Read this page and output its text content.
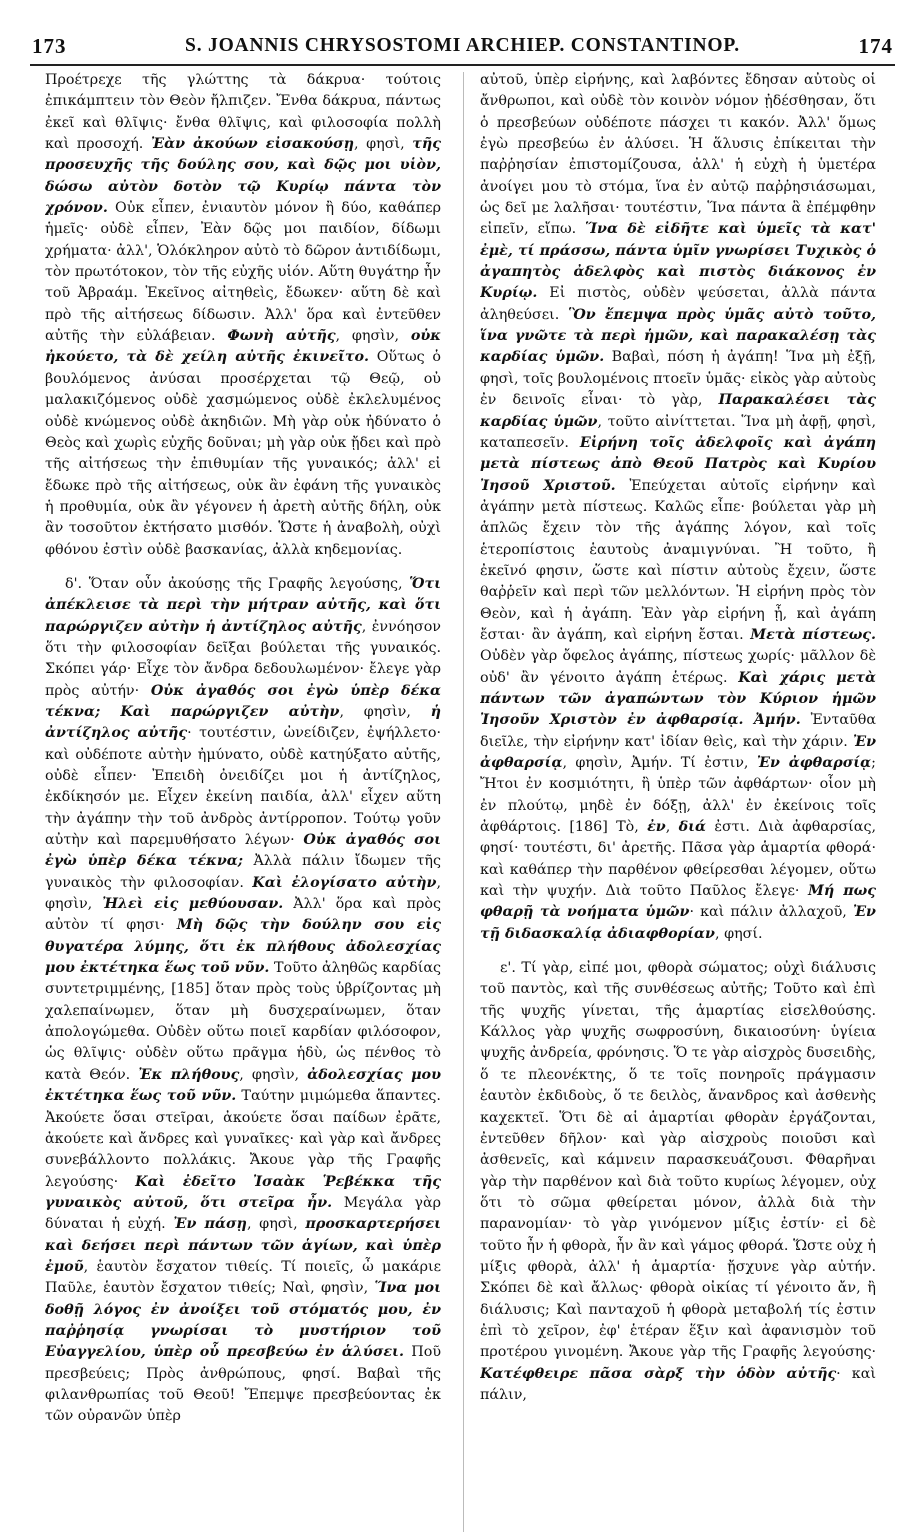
173	S. JOANNIS CHRYSOSTOMI ARCHIEP. CONSTANTINOP.	174

Προέτρεχε τῆς γλώττης τὰ δάκρυα· τούτοις ἐπικάμπτειν τὸν Θεὸν ἤλπιζεν. Ἔνθα δάκρυα, πάντως ἐκεῖ καὶ θλῖψις· ἔνθα θλῖψις, καὶ φιλοσοφία πολλὴ καὶ προσοχή. Ἐὰν ἀκούων εἰσακούσῃ, φησὶ, τῆς προσευχῆς τῆς δούλης σου, καὶ δῷς μοι υἱὸν, δώσω αὐτὸν δοτὸν τῷ Κυρίῳ πάντα τὸν χρόνον. Οὐκ εἶπεν, ἐνιαυτὸν μόνον ἢ δύο, καθάπερ ἡμεῖς· οὐδὲ εἶπεν, Ἐὰν δῷς μοι παιδίον, δίδωμι χρήματα· ἀλλ', Ὁλόκληρον αὐτὸ τὸ δῶρον ἀντιδίδωμι, τὸν πρωτότοκον, τὸν τῆς εὐχῆς υἱόν. Αὕτη θυγάτηρ ἦν τοῦ Ἀβραάμ. Ἐκεῖνος αἰτηθεὶς, ἔδωκεν· αὕτη δὲ καὶ πρὸ τῆς αἰτήσεως δίδωσιν. Ἀλλ' ὅρα καὶ ἐντεῦθεν αὐτῆς τὴν εὐλάβειαν. Φωνὴ αὐτῆς, φησὶν, οὐκ ἠκούετο, τὰ δὲ χείλη αὐτῆς ἐκινεῖτο. Οὕτως ὁ βουλόμενος ἀνύσαι προσέρχεται τῷ Θεῷ, οὐ μαλακιζόμενος οὐδὲ χασμώμενος οὐδὲ ἐκλελυμένος οὐδὲ κνώμενος οὐδὲ ἀκηδιῶν. Μὴ γὰρ οὐκ ἠδύνατο ὁ Θεὸς καὶ χωρὶς εὐχῆς δοῦναι; μὴ γὰρ οὐκ ᾔδει καὶ πρὸ τῆς αἰτήσεως τὴν ἐπιθυμίαν τῆς γυναικός; ἀλλ' εἰ ἔδωκε πρὸ τῆς αἰτήσεως, οὐκ ἂν ἐφάνη τῆς γυναικὸς ἡ προθυμία, οὐκ ἂν γέγονεν ἡ ἀρετὴ αὐτῆς δήλη, οὐκ ἂν τοσοῦτον ἐκτήσατο μισθόν. Ὥστε ἡ ἀναβολὴ, οὐχὶ φθόνου ἐστὶν οὐδὲ βασκανίας, ἀλλὰ κηδεμονίας.

δ'. Ὅταν οὖν ἀκούσῃς τῆς Γραφῆς λεγούσης, Ὅτι ἀπέκλεισε τὰ περὶ τὴν μήτραν αὐτῆς, καὶ ὅτι παρώργιζεν αὐτὴν ἡ ἀντίζηλος αὐτῆς, ἐννόησον ὅτι τὴν φιλοσοφίαν δεῖξαι βούλεται τῆς γυναικός. Σκόπει γάρ· Εἶχε τὸν ἄνδρα δεδουλωμένον· ἔλεγε γὰρ πρὸς αὐτήν· Οὐκ ἀγαθός σοι ἐγὼ ὑπὲρ δέκα τέκνα; Καὶ παρώργιζεν αὐτὴν, φησὶν, ἡ ἀντίζηλος αὐτῆς· τουτέστιν, ὠνείδιζεν, ἐψήλλετο· καὶ οὐδέποτε αὐτὴν ἠμύνατο, οὐδὲ κατηύξατο αὐτῆς, οὐδὲ εἶπεν· Ἐπειδὴ ὀνειδίζει μοι ἡ ἀντίζηλος, ἐκδίκησόν με. Εἶχεν ἐκείνη παιδία, ἀλλ' εἶχεν αὕτη τὴν ἀγάπην τὴν τοῦ ἀνδρὸς ἀντίρροπον. Τούτῳ γοῦν αὐτὴν καὶ παρεμυθήσατο λέγων· Οὐκ ἀγαθός σοι ἐγὼ ὑπὲρ δέκα τέκνα; Ἀλλὰ πάλιν ἴδωμεν τῆς γυναικὸς τὴν φιλοσοφίαν. Καὶ ἐλογίσατο αὐτὴν, φησὶν, Ἠλεὶ εἰς μεθύουσαν. Ἀλλ' ὅρα καὶ πρὸς αὐτὸν τί φησι· Μὴ δῷς τὴν δούλην σου εἰς θυγατέρα λύμης, ὅτι ἐκ πλήθους ἀδολεσχίας μου ἐκτέτηκα ἕως τοῦ νῦν. Τοῦτο ἀληθῶς καρδίας συντετριμμένης, [185] ὅταν πρὸς τοὺς ὑβρίζοντας μὴ χαλεπαίνωμεν, ὅταν μὴ δυσχεραίνωμεν, ὅταν ἀπολογώμεθα. Οὐδὲν οὕτω ποιεῖ καρδίαν φιλόσοφον, ὡς θλῖψις· οὐδὲν οὕτω πρᾶγμα ἡδὺ, ὡς πένθος τὸ κατὰ Θεόν. Ἐκ πλήθους, φησὶν, ἀδολεσχίας μου ἐκτέτηκα ἕως τοῦ νῦν. Ταύτην μιμώμεθα ἅπαντες. Ἀκούετε ὅσαι στεῖραι, ἀκούετε ὅσαι παίδων ἐρᾶτε, ἀκούετε καὶ ἄνδρες καὶ γυναῖκες· καὶ γὰρ καὶ ἄνδρες συνεβάλλοντο πολλάκις. Ἄκουε γὰρ τῆς Γραφῆς λεγούσης· Καὶ ἐδεῖτο Ἰσαὰκ Ῥεβέκκα τῆς γυναικὸς αὐτοῦ, ὅτι στεῖρα ἦν. Μεγάλα γὰρ δύναται ἡ εὐχή. Ἐν πάσῃ, φησὶ, προσκαρτερήσει καὶ δεήσει περὶ πάντων τῶν ἁγίων, καὶ ὑπὲρ ἐμοῦ, ἑαυτὸν ἔσχατον τιθείς. Τί ποιεῖς, ὦ μακάριε Παῦλε, ἑαυτὸν ἔσχατον τιθείς; Ναὶ, φησὶν, Ἵνα μοι δοθῇ λόγος ἐν ἀνοίξει τοῦ στόματός μου, ἐν παῤῥησίᾳ γνωρίσαι τὸ μυστήριον τοῦ Εὐαγγελίου, ὑπὲρ οὗ πρεσβεύω ἐν ἁλύσει. Ποῦ πρεσβεύεις; Πρὸς ἀνθρώπους, φησί. Βαβαὶ τῆς φιλανθρωπίας τοῦ Θεοῦ! Ἔπεμψε πρεσβεύοντας ἐκ τῶν οὐρανῶν ὑπὲρ

αὐτοῦ, ὑπὲρ εἰρήνης, καὶ λαβόντες ἔδησαν αὐτοὺς οἱ ἄνθρωποι, καὶ οὐδὲ τὸν κοινὸν νόμον ᾐδέσθησαν, ὅτι ὁ πρεσβεύων οὐδέποτε πάσχει τι κακόν. Ἀλλ' ὅμως ἐγὼ πρεσβεύω ἐν ἁλύσει. Ἡ ἅλυσις ἐπίκειται τὴν παῤῥησίαν ἐπιστομίζουσα, ἀλλ' ἡ εὐχὴ ἡ ὑμετέρα ἀνοίγει μου τὸ στόμα, ἵνα ἐν αὐτῷ παῤῥησιάσωμαι, ὡς δεῖ με λαλῆσαι· τουτέστιν, Ἵνα πάντα ἃ ἐπέμφθην εἰπεῖν, εἴπω. Ἵνα δὲ εἰδῆτε καὶ ὑμεῖς τὰ κατ' ἐμὲ, τί πράσσω, πάντα ὑμῖν γνωρίσει Τυχικὸς ὁ ἀγαπητὸς ἀδελφὸς καὶ πιστὸς διάκονος ἐν Κυρίῳ. Εἰ πιστὸς, οὐδὲν ψεύσεται, ἀλλὰ πάντα ἀληθεύσει. Ὃν ἔπεμψα πρὸς ὑμᾶς αὐτὸ τοῦτο, ἵνα γνῶτε τὰ περὶ ἡμῶν, καὶ παρακαλέσῃ τὰς καρδίας ὑμῶν. Βαβαὶ, πόση ἡ ἀγάπη! Ἵνα μὴ ἐξῇ, φησὶ, τοῖς βουλομένοις πτοεῖν ὑμᾶς· εἰκὸς γὰρ αὐτοὺς ἐν δεινοῖς εἶναι· τὸ γὰρ, Παρακαλέσει τὰς καρδίας ὑμῶν, τοῦτο αἰνίττεται. Ἵνα μὴ ἀφῇ, φησὶ, καταπεσεῖν. Εἰρήνη τοῖς ἀδελφοῖς καὶ ἀγάπη μετὰ πίστεως ἀπὸ Θεοῦ Πατρὸς καὶ Κυρίου Ἰησοῦ Χριστοῦ. Ἐπεύχεται αὐτοῖς εἰρήνην καὶ ἀγάπην μετὰ πίστεως. Καλῶς εἶπε· βούλεται γὰρ μὴ ἁπλῶς ἔχειν τὸν τῆς ἀγάπης λόγον, καὶ τοῖς ἑτεροπίστοις ἑαυτοὺς ἀναμιγνύναι. Ἢ τοῦτο, ἢ ἐκεῖνό φησιν, ὥστε καὶ πίστιν αὐτοὺς ἔχειν, ὥστε θαῤῥεῖν καὶ περὶ τῶν μελλόντων. Ἡ εἰρήνη πρὸς τὸν Θεὸν, καὶ ἡ ἀγάπη. Ἐὰν γὰρ εἰρήνη ᾖ, καὶ ἀγάπη ἔσται· ἂν ἀγάπη, καὶ εἰρήνη ἔσται. Μετὰ πίστεως. Οὐδὲν γὰρ ὄφελος ἀγάπης, πίστεως χωρίς· μᾶλλον δὲ οὐδ' ἂν γένοιτο ἀγάπη ἑτέρως. Καὶ χάρις μετὰ πάντων τῶν ἀγαπώντων τὸν Κύριον ἡμῶν Ἰησοῦν Χριστὸν ἐν ἀφθαρσίᾳ. Ἀμήν. Ἐνταῦθα διεῖλε, τὴν εἰρήνην κατ' ἰδίαν θεὶς, καὶ τὴν χάριν. Ἐν ἀφθαρσίᾳ, φησὶν, Ἀμήν. Τί ἐστιν, Ἐν ἀφθαρσίᾳ; Ἤτοι ἐν κοσμιότητι, ἢ ὑπὲρ τῶν ἀφθάρτων· οἷον μὴ ἐν πλούτῳ, μηδὲ ἐν δόξῃ, ἀλλ' ἐν ἐκείνοις τοῖς ἀφθάρτοις. [186] Τὸ, ἐν, διά ἐστι. Διὰ ἀφθαρσίας, φησί· τουτέστι, δι' ἀρετῆς. Πᾶσα γὰρ ἁμαρτία φθορά· καὶ καθάπερ τὴν παρθένον φθείρεσθαι λέγομεν, οὕτω καὶ τὴν ψυχήν. Διὰ τοῦτο Παῦλος ἔλεγε· Μή πως φθαρῇ τὰ νοήματα ὑμῶν· καὶ πάλιν ἀλλαχοῦ, Ἐν τῇ διδασκαλίᾳ ἀδιαφθορίαν, φησί.

ε'. Τί γὰρ, εἰπέ μοι, φθορὰ σώματος; οὐχὶ διάλυσις τοῦ παντὸς, καὶ τῆς συνθέσεως αὐτῆς; Τοῦτο καὶ ἐπὶ τῆς ψυχῆς γίνεται, τῆς ἁμαρτίας εἰσελθούσης. Κάλλος γὰρ ψυχῆς σωφροσύνη, δικαιοσύνη· ὑγίεια ψυχῆς ἀνδρεία, φρόνησις. Ὅ τε γὰρ αἰσχρὸς δυσειδὴς, ὅ τε πλεονέκτης, ὅ τε τοῖς πονηροῖς πράγμασιν ἑαυτὸν ἐκδιδοὺς, ὅ τε δειλὸς, ἄνανδρος καὶ ἀσθενὴς καχεκτεῖ. Ὅτι δὲ αἱ ἁμαρτίαι φθορὰν ἐργάζονται, ἐντεῦθεν δῆλον· καὶ γὰρ αἰσχροὺς ποιοῦσι καὶ ἀσθενεῖς, καὶ κάμνειν παρασκευάζουσι. Φθαρῆναι γὰρ τὴν παρθένον καὶ διὰ τοῦτο κυρίως λέγομεν, οὐχ ὅτι τὸ σῶμα φθείρεται μόνον, ἀλλὰ διὰ τὴν παρανομίαν· τὸ γὰρ γινόμενον μίξις ἐστίν· εἰ δὲ τοῦτο ἦν ἡ φθορὰ, ἦν ἂν καὶ γάμος φθορά. Ὥστε οὐχ ἡ μίξις φθορὰ, ἀλλ' ἡ ἁμαρτία· ᾔσχυνε γὰρ αὐτήν. Σκόπει δὲ καὶ ἄλλως· φθορὰ οἰκίας τί γένοιτο ἄν, ἢ διάλυσις; Καὶ πανταχοῦ ἡ φθορὰ μεταβολή τίς ἐστιν ἐπὶ τὸ χεῖρον, ἐφ' ἑτέραν ἕξιν καὶ ἀφανισμὸν τοῦ προτέρου γινομένη. Ἄκουε γὰρ τῆς Γραφῆς λεγούσης· Κατέφθειρε πᾶσα σὰρξ τὴν ὁδὸν αὐτῆς· καὶ πάλιν,
